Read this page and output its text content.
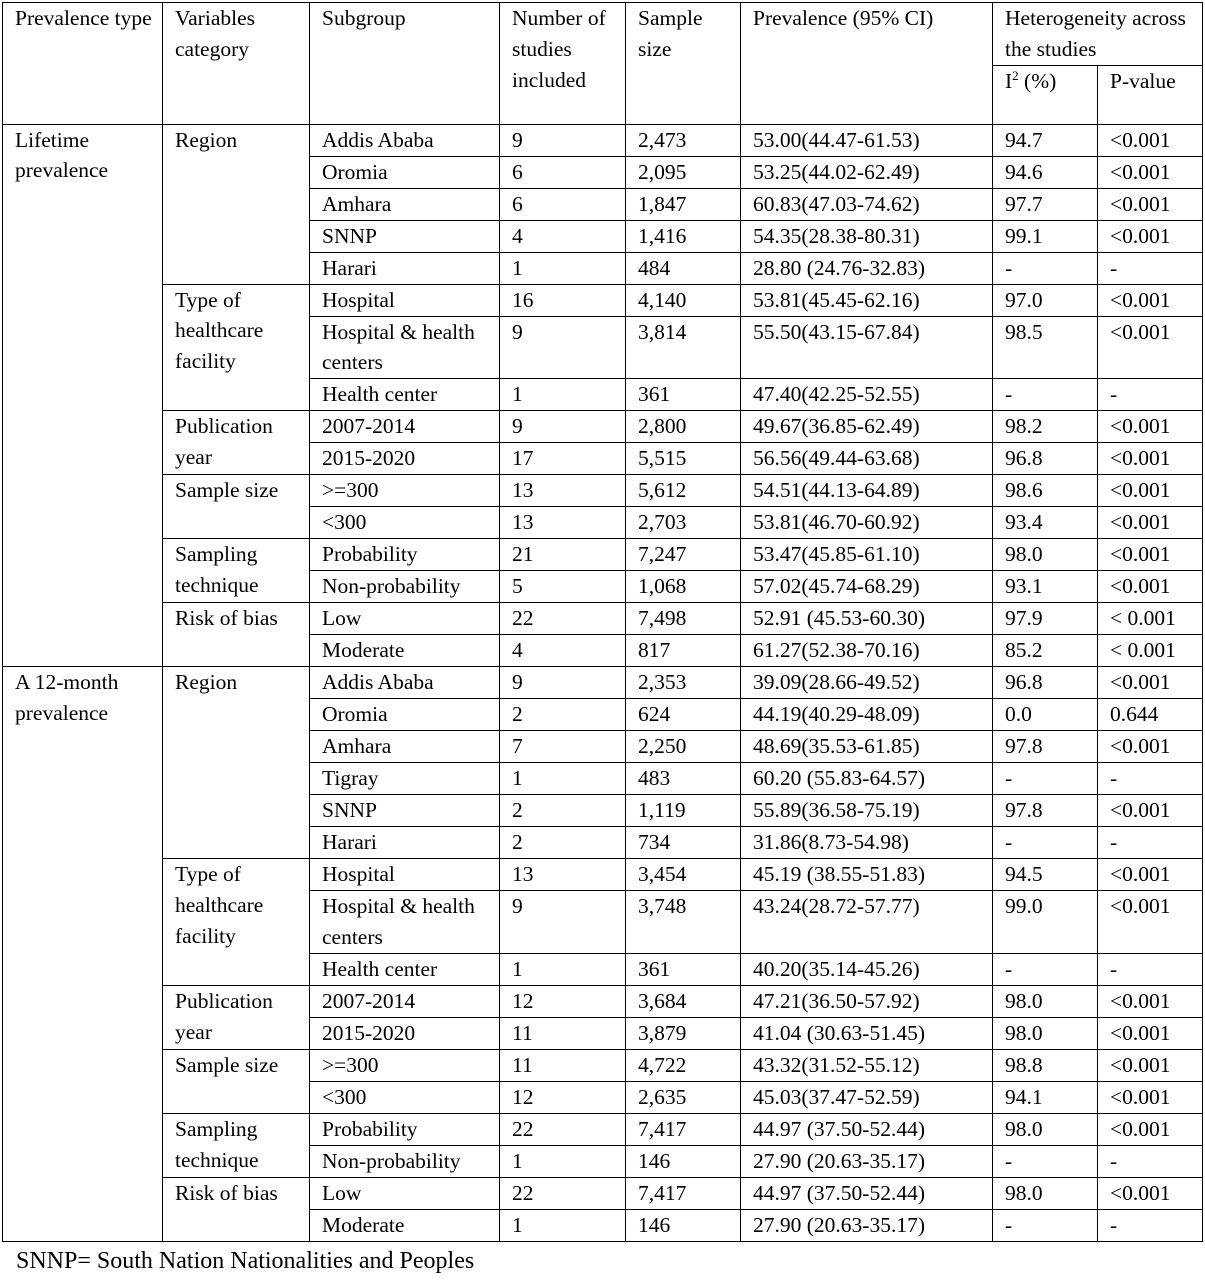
Prevalence type	Variables category	Subgroup	Number of studies included	Sample size	Prevalence (95% CI)	Heterogeneity across the studies	
						$I^2$ (%)	P-value
Lifetime prevalence	Region	Addis Ababa	9	2,473	53.00(44.47-61.53)	94.7	<0.001
		Oromia	6	2,095	53.25(44.02-62.49)	94.6	<0.001
		Amhara	6	1,847	60.83(47.03-74.62)	97.7	<0.001
		SNNP	4	1,416	54.35(28.38-80.31)	99.1	<0.001
		Harari	1	484	28.80 (24.76-32.83)	-	-
	Type of healthcare facility	Hospital	16	4,140	53.81(45.45-62.16)	97.0	<0.001
		Hospital & health centers	9	3,814	55.50(43.15-67.84)	98.5	<0.001
		Health center	1	361	47.40(42.25-52.55)	-	-
	Publication year	2007-2014	9	2,800	49.67(36.85-62.49)	98.2	<0.001
		2015-2020	17	5,515	56.56(49.44-63.68)	96.8	<0.001
	Sample size	>=300	13	5,612	54.51(44.13-64.89)	98.6	<0.001
		<300	13	2,703	53.81(46.70-60.92)	93.4	<0.001
	Sampling technique	Probability	21	7,247	53.47(45.85-61.10)	98.0	<0.001
		Non-probability	5	1,068	57.02(45.74-68.29)	93.1	<0.001
	Risk of bias	Low	22	7,498	52.91 (45.53-60.30)	97.9	< 0.001
		Moderate	4	817	61.27(52.38-70.16)	85.2	< 0.001
A 12-month prevalence	Region	Addis Ababa	9	2,353	39.09(28.66-49.52)	96.8	<0.001
		Oromia	2	624	44.19(40.29-48.09)	0.0	0.644
		Amhara	7	2,250	48.69(35.53-61.85)	97.8	<0.001
		Tigray	1	483	60.20 (55.83-64.57)	-	-
		SNNP	2	1,119	55.89(36.58-75.19)	97.8	<0.001
		Harari	2	734	31.86(8.73-54.98)	-	-
	Type of healthcare facility	Hospital	13	3,454	45.19 (38.55-51.83)	94.5	<0.001
		Hospital & health centers	9	3,748	43.24(28.72-57.77)	99.0	<0.001
		Health center	1	361	40.20(35.14-45.26)	-	-
	Publication year	2007-2014	12	3,684	47.21(36.50-57.92)	98.0	<0.001
		2015-2020	11	3,879	41.04 (30.63-51.45)	98.0	<0.001
	Sample size	>=300	11	4,722	43.32(31.52-55.12)	98.8	<0.001
		<300	12	2,635	45.03(37.47-52.59)	94.1	<0.001
	Sampling technique	Probability	22	7,417	44.97 (37.50-52.44)	98.0	<0.001
		Non-probability	1	146	27.90 (20.63-35.17)	-	-
	Risk of bias	Low	22	7,417	44.97 (37.50-52.44)	98.0	<0.001
		Moderate	1	146	27.90 (20.63-35.17)	-	-
SNNP= South Nation Nationalities and Peoples
